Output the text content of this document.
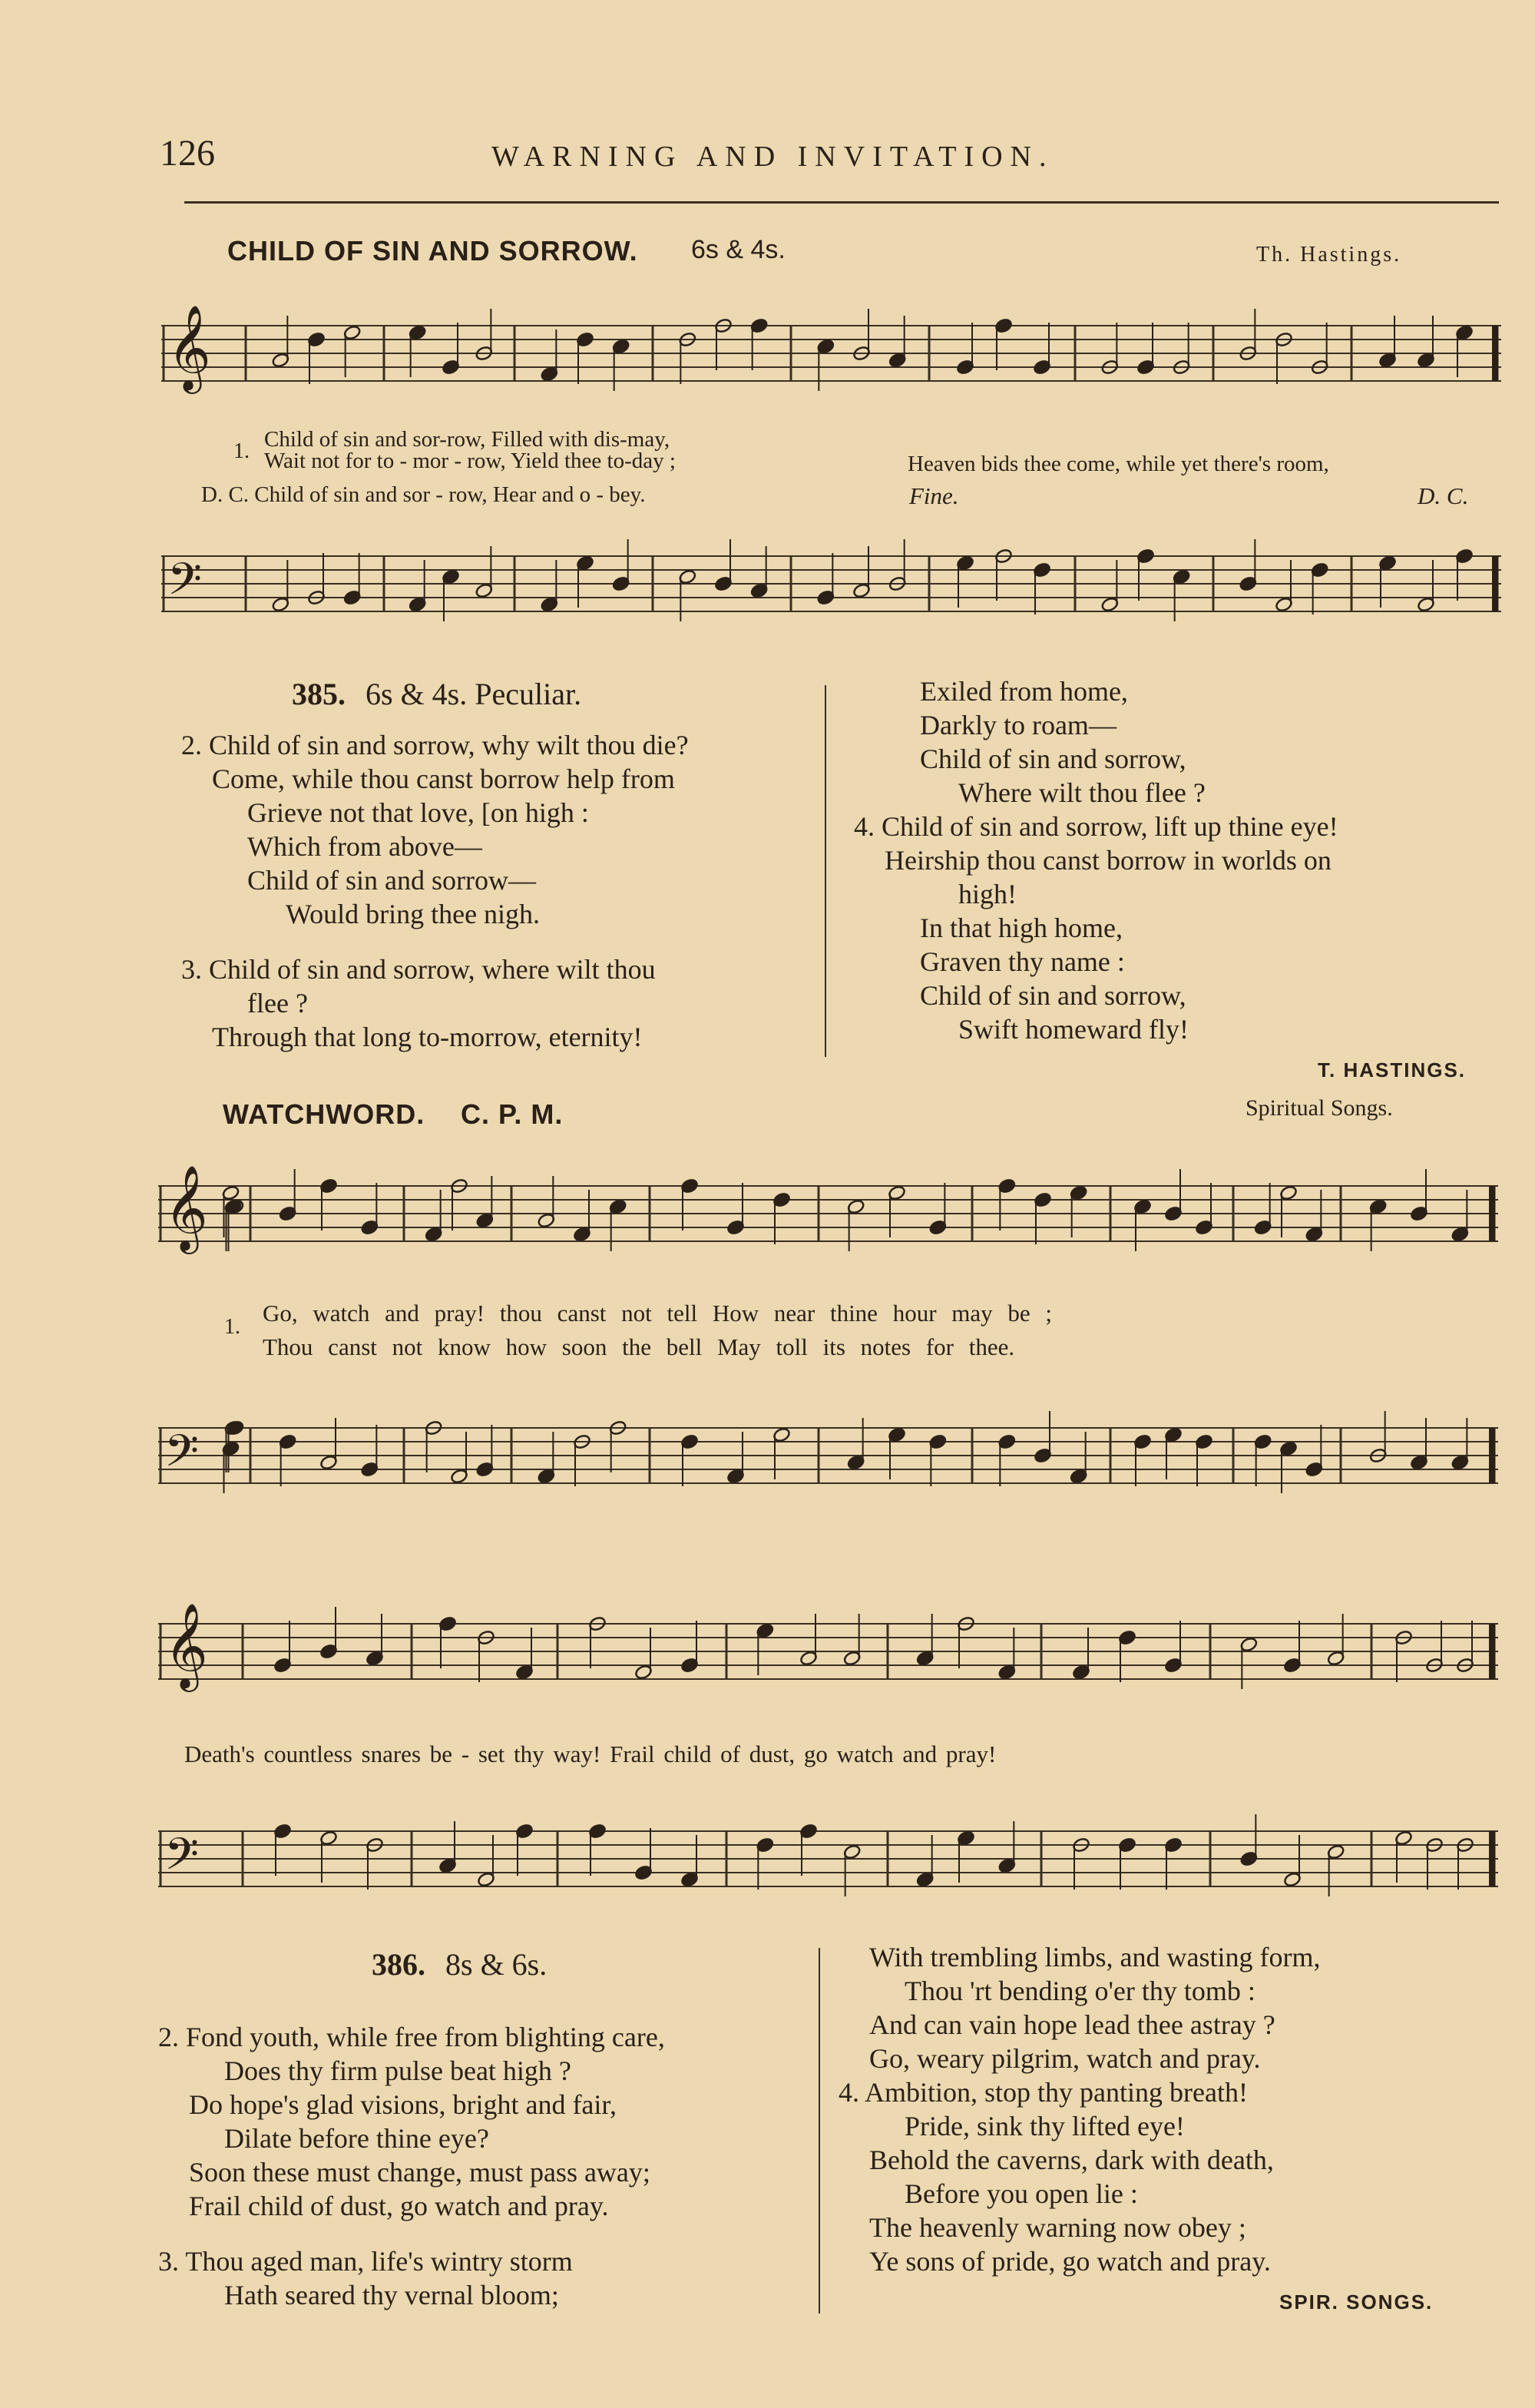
126	WARNING AND INVITATION.
CHILD OF SIN AND SORROW. 6s & 4s.	Th. Hastings.
𝄞
1. Child of sin and sor-row, Filled with dis-may,
Wait not for to - mor - row, Yield thee to-day ;	Heaven bids thee come, while yet there's room,
D. C. Child of sin and sor - row, Hear and o - bey.	Fine.	D. C.
𝄢
385. 6s & 4s. Peculiar.
2. Child of sin and sorrow, why wilt thou die?
Come, while thou canst borrow help from
Grieve not that love, [on high :
Which from above—
Child of sin and sorrow—
Would bring thee nigh.

3. Child of sin and sorrow, where wilt thou
flee ?
Through that long to-morrow, eternity!
Exiled from home,
Darkly to roam—
Child of sin and sorrow,
Where wilt thou flee ?
4. Child of sin and sorrow, lift up thine eye!
Heirship thou canst borrow in worlds on
high!
In that high home,
Graven thy name :
Child of sin and sorrow,
Swift homeward fly!
T. HASTINGS.
WATCHWORD. C. P. M.	Spiritual Songs.
𝄞
1.
Go, watch and pray! thou canst not tell How near thine hour may be ;
Thou canst not know how soon the bell May toll its notes for thee.
𝄢
𝄞
Death's countless snares be - set thy way! Frail child of dust, go watch and pray!
𝄢
386. 8s & 6s.
2. Fond youth, while free from blighting care,
Does thy firm pulse beat high ?
Do hope's glad visions, bright and fair,
Dilate before thine eye?
Soon these must change, must pass away;
Frail child of dust, go watch and pray.

3. Thou aged man, life's wintry storm
Hath seared thy vernal bloom;
With trembling limbs, and wasting form,
Thou 'rt bending o'er thy tomb :
And can vain hope lead thee astray ?
Go, weary pilgrim, watch and pray.
4. Ambition, stop thy panting breath!
Pride, sink thy lifted eye!
Behold the caverns, dark with death,
Before you open lie :
The heavenly warning now obey ;
Ye sons of pride, go watch and pray.
SPIR. SONGS.
